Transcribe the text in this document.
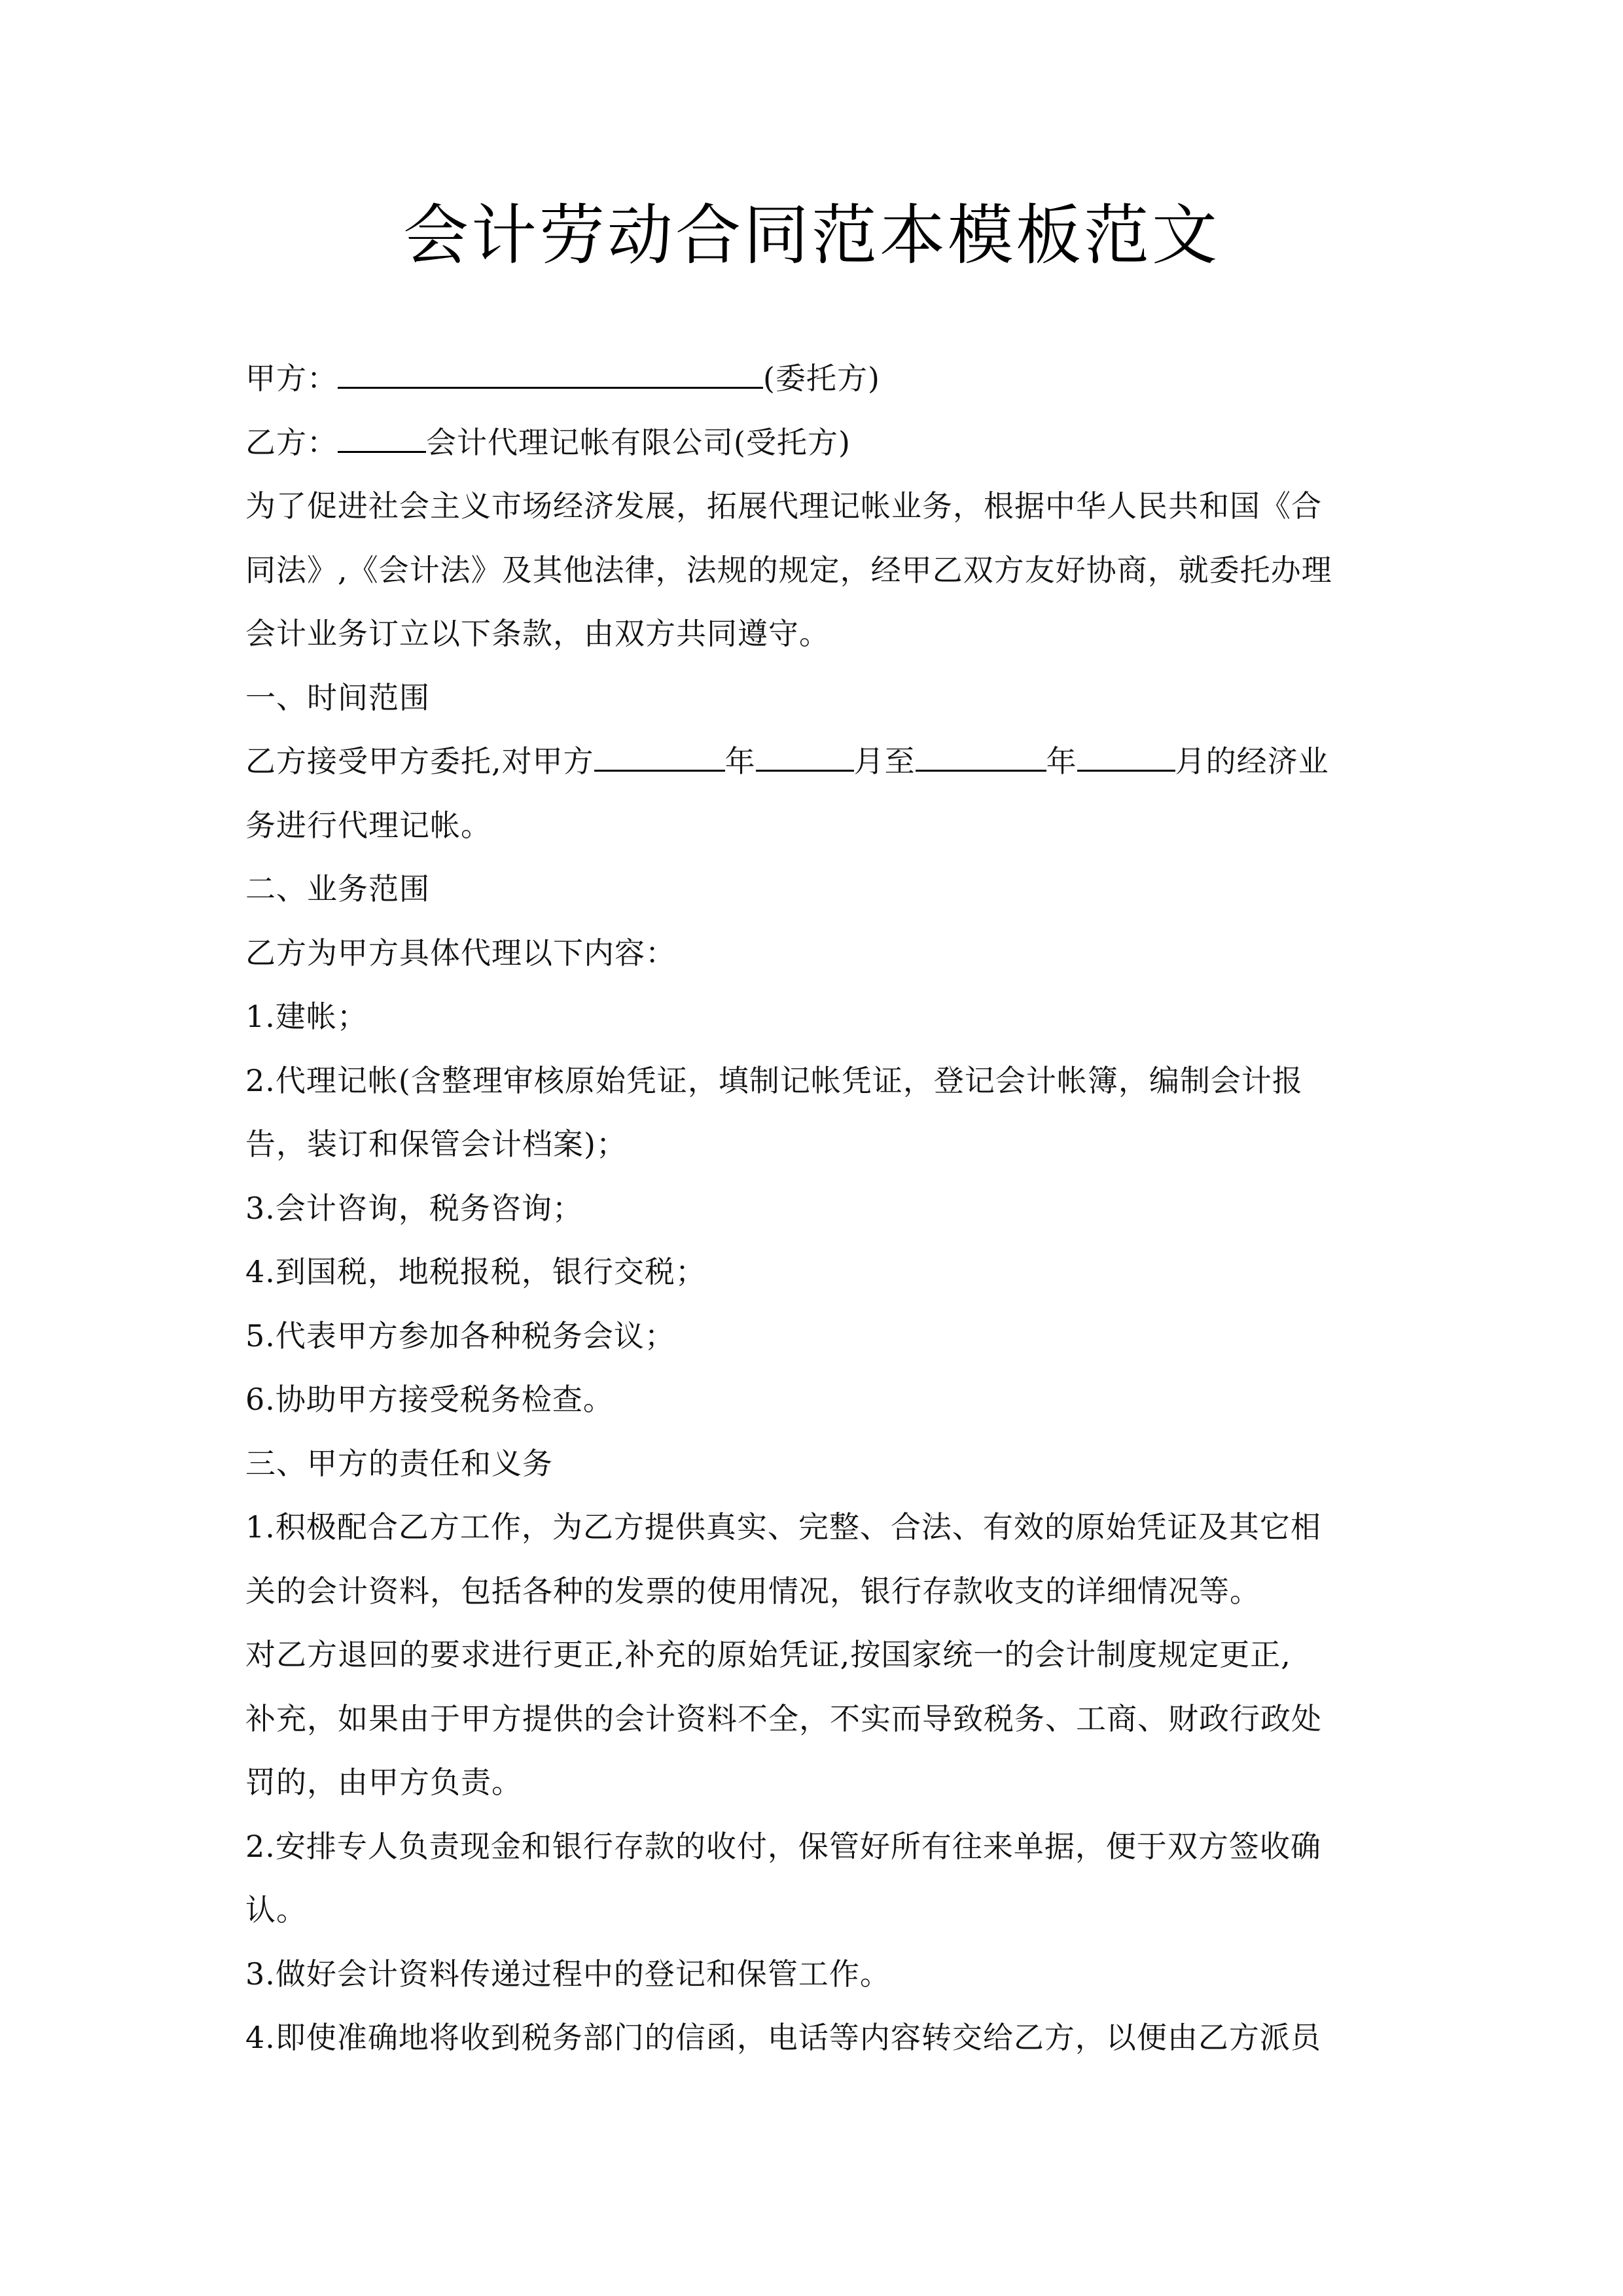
会计劳动合同范本模板范文
甲方：	(委托方)
乙方：	会计代理记帐有限公司(受托方)
为了促进社会主义市场经济发展，拓展代理记帐业务，根据中华人民共和国《合
同法》,《会计法》及其他法律，法规的规定，经甲乙双方友好协商，就委托办理
会计业务订立以下条款，由双方共同遵守。
一、时间范围
乙方接受甲方委托,对甲方	年	月至	年	月的经济业
务进行代理记帐。
二、业务范围
乙方为甲方具体代理以下内容：
1.建帐；
2.代理记帐(含整理审核原始凭证，填制记帐凭证，登记会计帐簿，编制会计报
告，装订和保管会计档案)；
3.会计咨询，税务咨询；
4.到国税，地税报税，银行交税；
5.代表甲方参加各种税务会议；
6.协助甲方接受税务检查。
三、甲方的责任和义务
1.积极配合乙方工作，为乙方提供真实、完整、合法、有效的原始凭证及其它相
关的会计资料，包括各种的发票的使用情况，银行存款收支的详细情况等。
对乙方退回的要求进行更正,补充的原始凭证,按国家统一的会计制度规定更正,
补充，如果由于甲方提供的会计资料不全，不实而导致税务、工商、财政行政处
罚的，由甲方负责。
2.安排专人负责现金和银行存款的收付，保管好所有往来单据，便于双方签收确
认。
3.做好会计资料传递过程中的登记和保管工作。
4.即使准确地将收到税务部门的信函，电话等内容转交给乙方，以便由乙方派员
